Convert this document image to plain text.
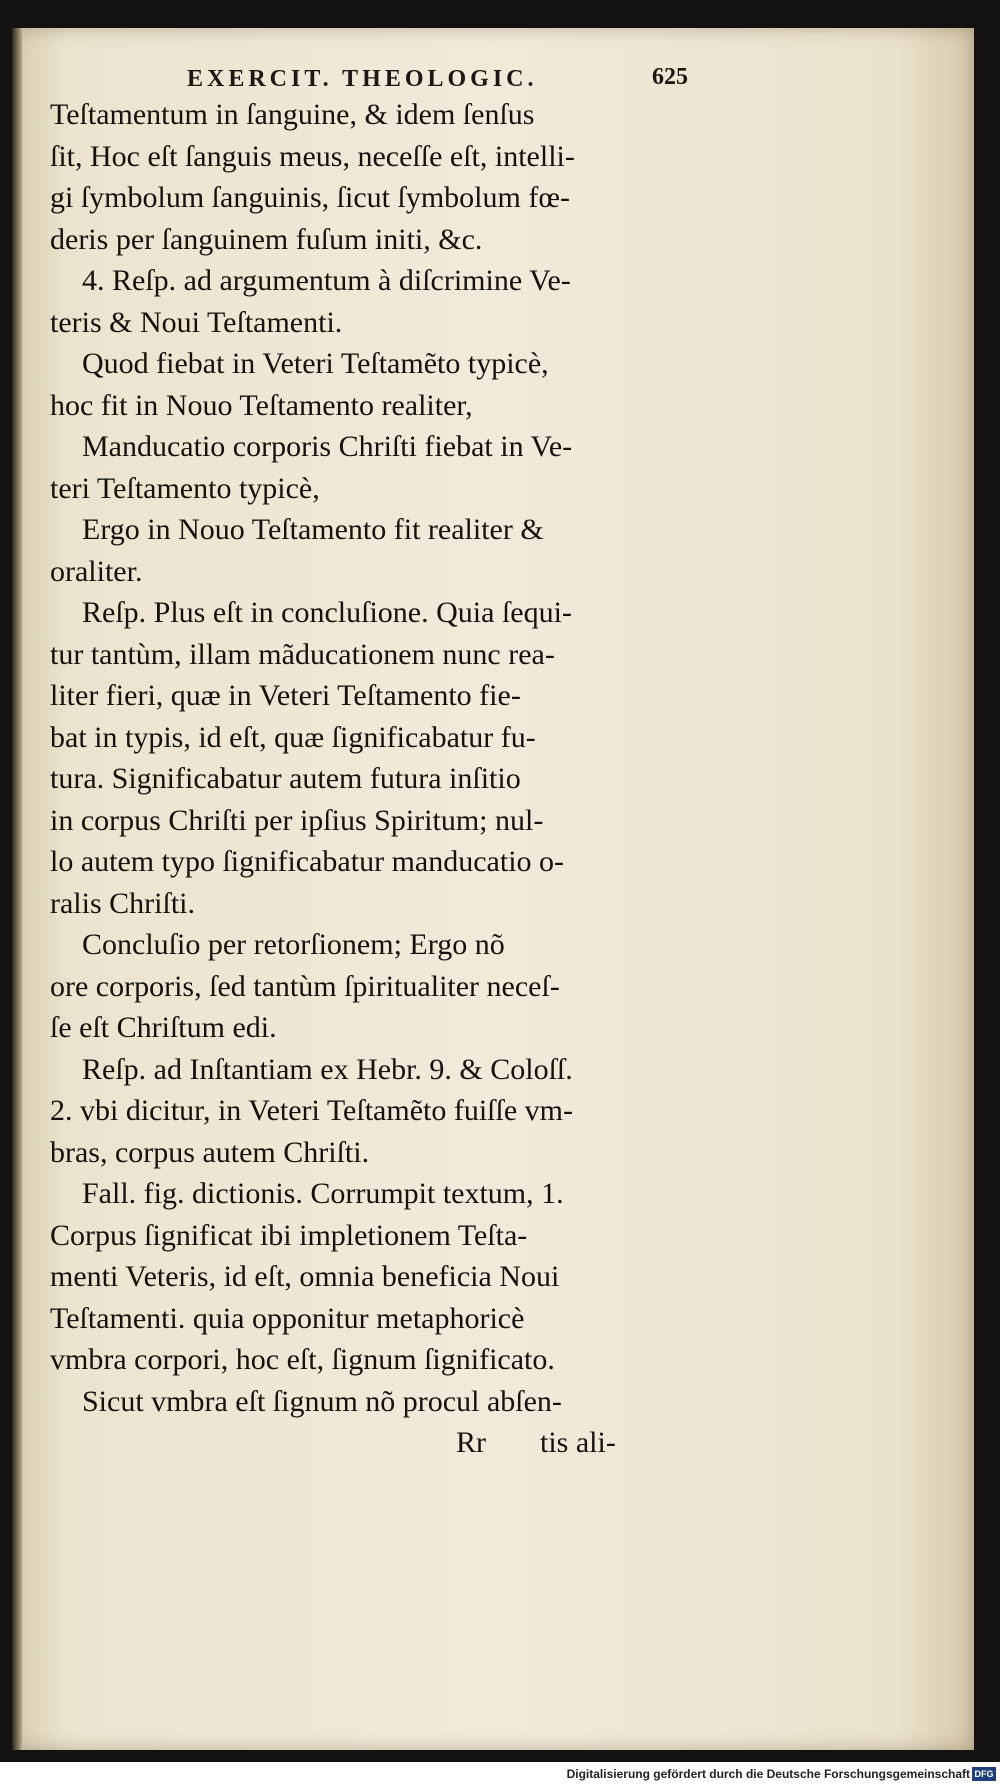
EXERCIT. THEOLOGIC.	625
Teſtamentum in ſanguine, & idem ſenſus
ſit, Hoc eſt ſanguis meus, neceſſe eſt, intelli-
gi ſymbolum ſanguinis, ſicut ſymbolum fœ-
deris per ſanguinem fuſum initi, &c.
4. Reſp. ad argumentum à diſcrimine Ve-
teris & Noui Teſtamenti.
Quod fiebat in Veteri Teſtamẽto typicè,
hoc fit in Nouo Teſtamento realiter,
Manducatio corporis Chriſti fiebat in Ve-
teri Teſtamento typicè,
Ergo in Nouo Teſtamento fit realiter &
oraliter.
Reſp. Plus eſt in concluſione. Quia ſequi-
tur tantùm, illam mãducationem nunc rea-
liter fieri, quæ in Veteri Teſtamento fie-
bat in typis, id eſt, quæ ſignificabatur fu-
tura. Significabatur autem futura inſitio
in corpus Chriſti per ipſius Spiritum; nul-
lo autem typo ſignificabatur manducatio o-
ralis Chriſti.
Concluſio per retorſionem; Ergo nõ
ore corporis, ſed tantùm ſpiritualiter neceſ-
ſe eſt Chriſtum edi.
Reſp. ad Inſtantiam ex Hebr. 9. & Coloſſ.
2. vbi dicitur, in Veteri Teſtamẽto fuiſſe vm-
bras, corpus autem Chriſti.
Fall. fig. dictionis. Corrumpit textum, 1.
Corpus ſignificat ibi impletionem Teſta-
menti Veteris, id eſt, omnia beneficia Noui
Teſtamenti. quia opponitur metaphoricè
vmbra corpori, hoc eſt, ſignum ſignificato.
Sicut vmbra eſt ſignum nõ procul abſen-
Rr tis ali-
Digitalisierung gefördert durch die Deutsche Forschungsgemeinschaft DFG
